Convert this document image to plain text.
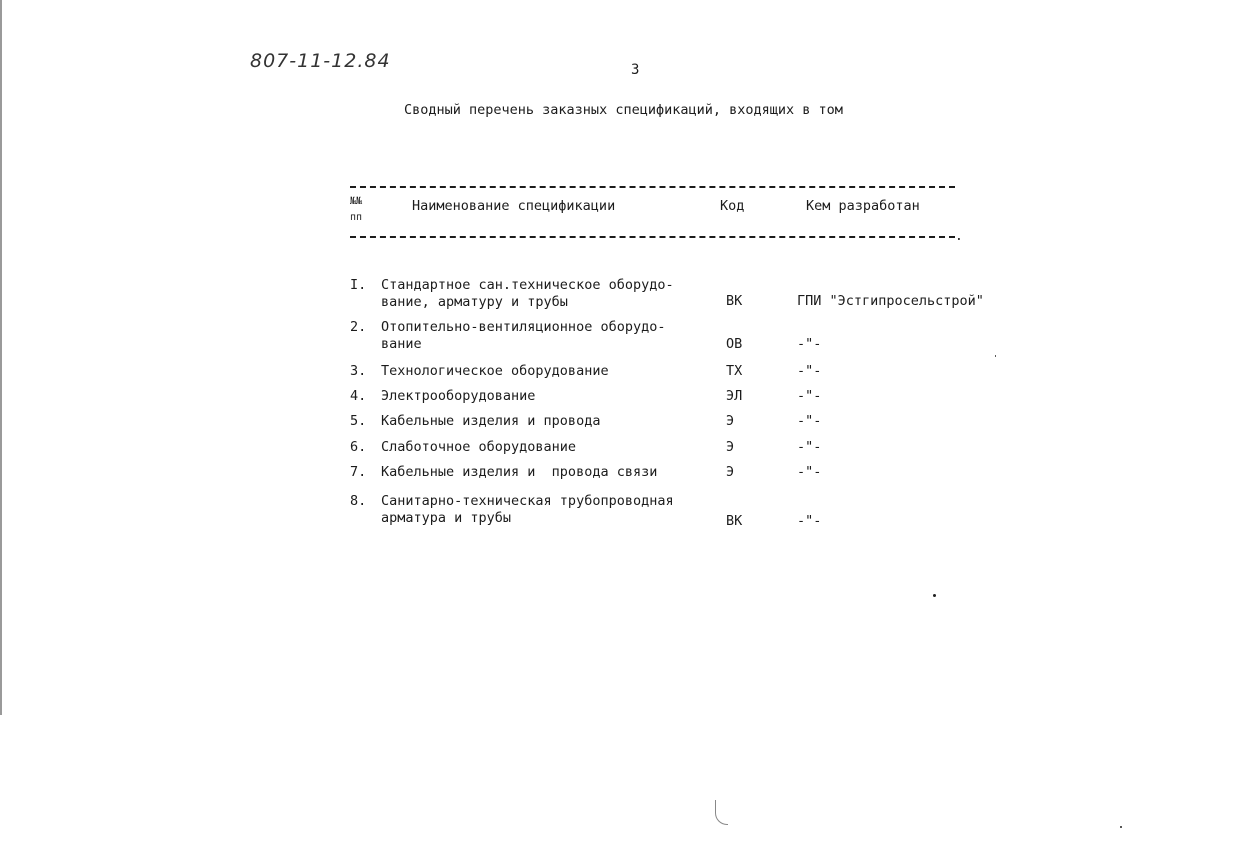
807-11-12.84	3
Сводный перечень заказных спецификаций, входящих в том
№№
пп
Наименование спецификации	Код	Кем разработан
.
I. Стандартное сан.техническое оборудо-
вание, арматуру и трубы	ВК	ГПИ "Эстгипросельстрой"
2. Отопительно-вентиляционное оборудо-
вание	ОВ	-"-
3. Технологическое оборудование	ТХ	-"-
4. Электрооборудование	ЭЛ	-"-
5. Кабельные изделия и провода	Э	-"-
6. Слаботочное оборудование	Э	-"-
7. Кабельные изделия и  провода связи	Э	-"-
8. Санитарно-техническая трубопроводная
арматура и трубы	ВК	-"-
